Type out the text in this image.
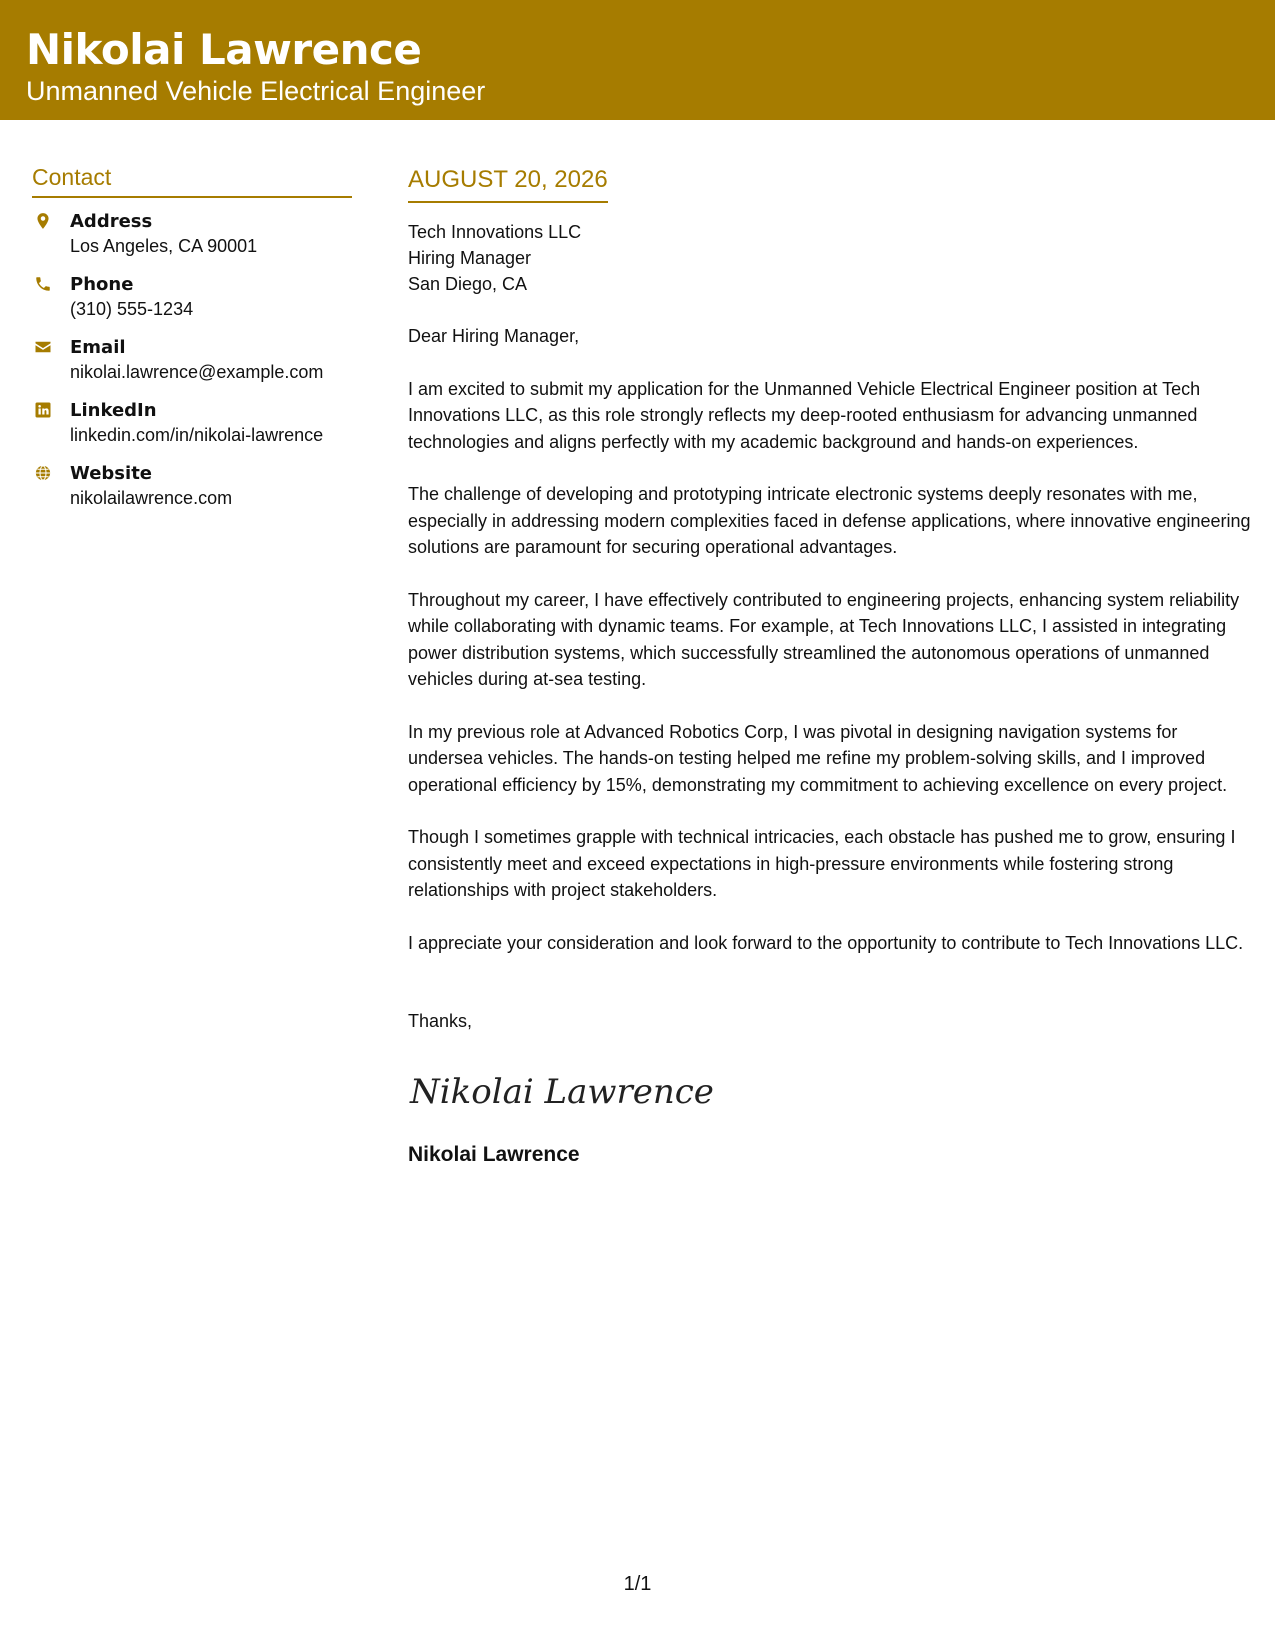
Nikolai Lawrence
Unmanned Vehicle Electrical Engineer
Contact
Address
Los Angeles, CA 90001
Phone
(310) 555-1234
Email
nikolai.lawrence@example.com
LinkedIn
linkedin.com/in/nikolai-lawrence
Website
nikolailawrence.com
AUGUST 20, 2026
Tech Innovations LLC
Hiring Manager
San Diego, CA
Dear Hiring Manager,

I am excited to submit my application for the Unmanned Vehicle Electrical Engineer position at Tech Innovations LLC, as this role strongly reflects my deep-rooted enthusiasm for advancing unmanned technologies and aligns perfectly with my academic background and hands-on experiences.

The challenge of developing and prototyping intricate electronic systems deeply resonates with me, especially in addressing modern complexities faced in defense applications, where innovative engineering solutions are paramount for securing operational advantages.

Throughout my career, I have effectively contributed to engineering projects, enhancing system reliability while collaborating with dynamic teams. For example, at Tech Innovations LLC, I assisted in integrating power distribution systems, which successfully streamlined the autonomous operations of unmanned vehicles during at-sea testing.

In my previous role at Advanced Robotics Corp, I was pivotal in designing navigation systems for undersea vehicles. The hands-on testing helped me refine my problem-solving skills, and I improved operational efficiency by 15%, demonstrating my commitment to achieving excellence on every project.

Though I sometimes grapple with technical intricacies, each obstacle has pushed me to grow, ensuring I consistently meet and exceed expectations in high-pressure environments while fostering strong relationships with project stakeholders.

I appreciate your consideration and look forward to the opportunity to contribute to Tech Innovations LLC.

Thanks,
Nikolai Lawrence
Nikolai Lawrence
1/1
